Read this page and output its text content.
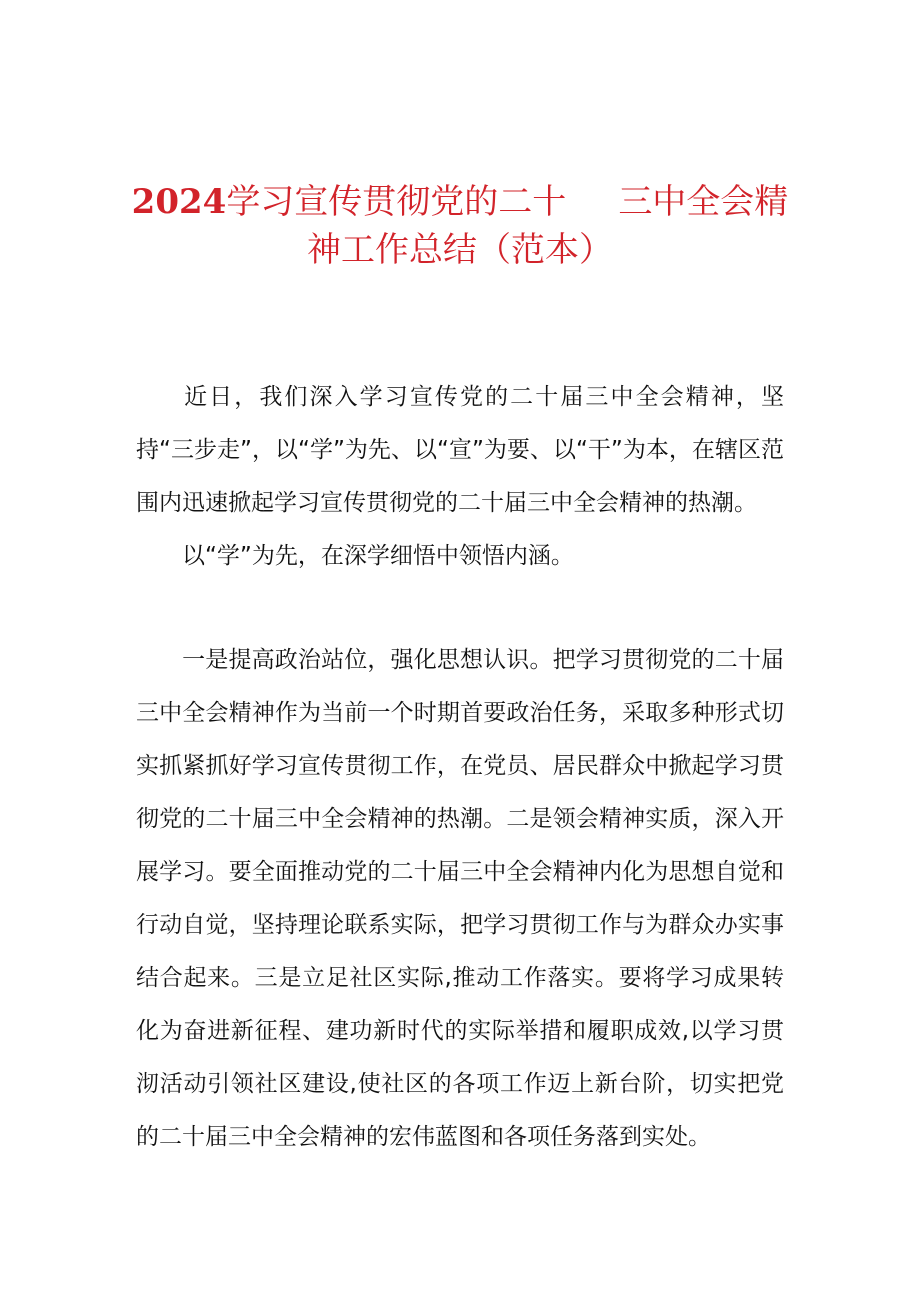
2024学习宣传贯彻党的二十 三中全会精
神工作总结（范本）

近日，我们深入学习宣传党的二十届三中全会精神，坚持“三步走”，以“学”为先、以“宣”为要、以“干”为本，在辖区范围内迅速掀起学习宣传贯彻党的二十届三中全会精神的热潮。

以“学”为先，在深学细悟中领悟内涵。

一是提高政治站位，强化思想认识。把学习贯彻党的二十届三中全会精神作为当前一个时期首要政治任务，采取多种形式切实抓紧抓好学习宣传贯彻工作，在党员、居民群众中掀起学习贯彻党的二十届三中全会精神的热潮。二是领会精神实质，深入开展学习。要全面推动党的二十届三中全会精神内化为思想自觉和行动自觉，坚持理论联系实际，把学习贯彻工作与为群众办实事结合起来。三是立足社区实际,推动工作落实。要将学习成果转化为奋进新征程、建功新时代的实际举措和履职成效,以学习贯沏活动引领社区建设,使社区的各项工作迈上新台阶，切实把党的二十届三中全会精神的宏伟蓝图和各项任务落到实处。
